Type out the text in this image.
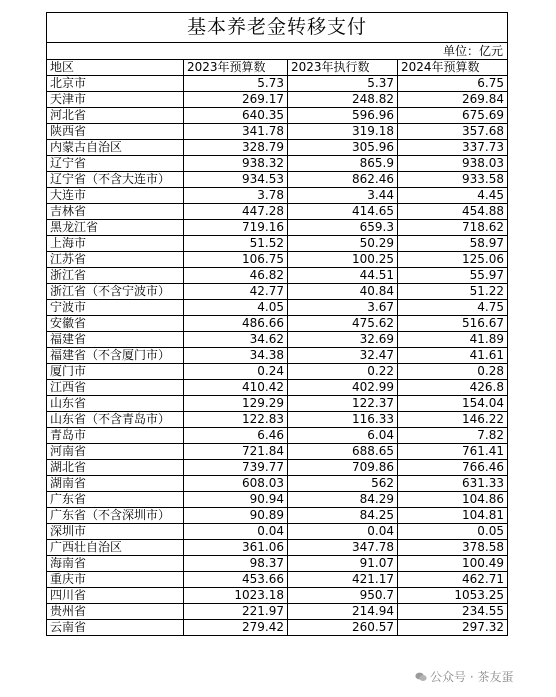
基本养老金转移支付			
单位：亿元			
地区	2023年预算数	2023年执行数	2024年预算数
北京市	5.73	5.37	6.75
天津市	269.17	248.82	269.84
河北省	640.35	596.96	675.69
陕西省	341.78	319.18	357.68
内蒙古自治区	328.79	305.96	337.73
辽宁省	938.32	865.9	938.03
辽宁省（不含大连市）	934.53	862.46	933.58
大连市	3.78	3.44	4.45
吉林省	447.28	414.65	454.88
黑龙江省	719.16	659.3	718.62
上海市	51.52	50.29	58.97
江苏省	106.75	100.25	125.06
浙江省	46.82	44.51	55.97
浙江省（不含宁波市）	42.77	40.84	51.22
宁波市	4.05	3.67	4.75
安徽省	486.66	475.62	516.67
福建省	34.62	32.69	41.89
福建省（不含厦门市）	34.38	32.47	41.61
厦门市	0.24	0.22	0.28
江西省	410.42	402.99	426.8
山东省	129.29	122.37	154.04
山东省（不含青岛市）	122.83	116.33	146.22
青岛市	6.46	6.04	7.82
河南省	721.84	688.65	761.41
湖北省	739.77	709.86	766.46
湖南省	608.03	562	631.33
广东省	90.94	84.29	104.86
广东省（不含深圳市）	90.89	84.25	104.81
深圳市	0.04	0.04	0.05
广西壮自治区	361.06	347.78	378.58
海南省	98.37	91.07	100.49
重庆市	453.66	421.17	462.71
四川省	1023.18	950.7	1053.25
贵州省	221.97	214.94	234.55
云南省	279.42	260.57	297.32
公众号 · 茶友蛋
